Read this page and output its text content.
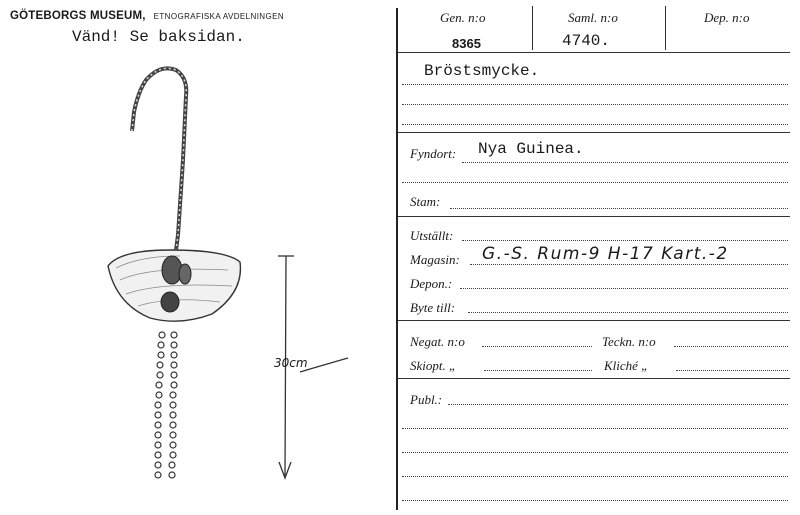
GÖTEBORGS MUSEUM, ETNOGRAFISKA AVDELNINGEN
Vänd! Se baksidan.
30cm
Gen. n:o	Saml. n:o	Dep. n:o
8365	4740.
Bröstsmycke.
Fyndort: Nya Guinea.
Stam:
Utställt:
Magasin: G.-S. Rum-9 H-17 Kart.-2
Depon.:
Byte till:
Negat. n:o	Teckn. n:o
Skiopt. „	Kliché „
Publ.:
